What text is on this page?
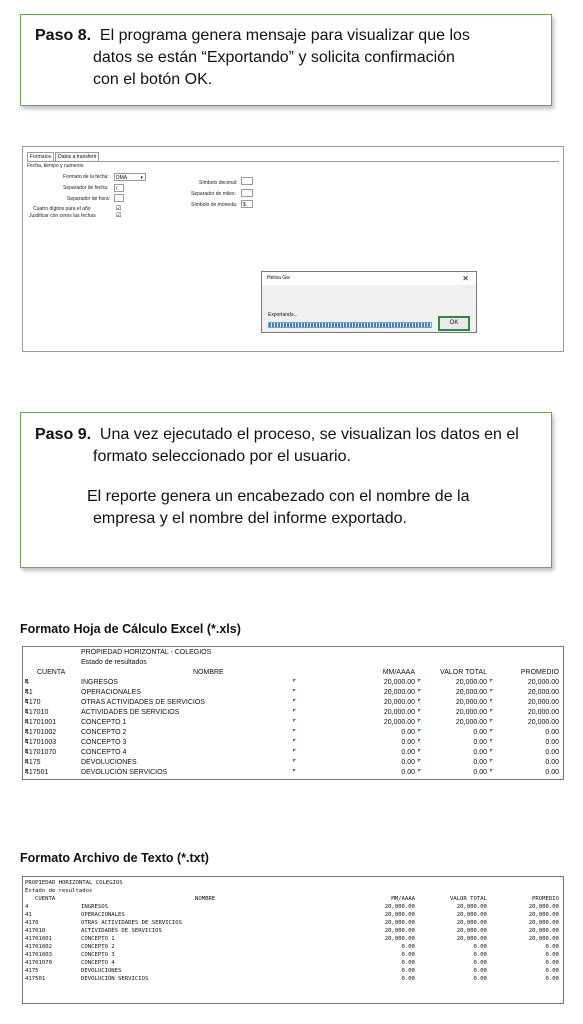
Paso 8. El programa genera mensaje para visualizar que los

datos se están “Exportando” y solicita confirmación

con el botón OK.

Formatos	Datos a transferir
Fecha, tiempo y numeros
Formato de la fecha:	DMA	▾
Separador de fecha:	/
Separador de hora:
Cuatro dígitos para el año	☑
Justificar con ceros las fechas	☑
Símbolo decimal:
Separador de miles:
Símbolo de moneda:	$
Helisa Gw	✕
Exportando...
OK

Paso 9. Una vez ejecutado el proceso, se visualizan los datos en el

formato seleccionado por el usuario.

El reporte genera un encabezado con el nombre de la

empresa y el nombre del informe exportado.

Formato Hoja de Cálculo Excel (*.xls)
PROPIEDAD HORIZONTAL - COLEGIOS
Estado de resultados
CUENTA	NOMBRE	MM/AAAA	VALOR TOTAL	PROMEDIO
4	INGRESOS	20,000.00	20,000.00	20,000.00
41	OPERACIONALES	20,000.00	20,000.00	20,000.00
4170	OTRAS ACTIVIDADES DE SERVICIOS	20,000.00	20,000.00	20,000.00
417010	ACTIVIDADES DE SERVICIOS	20,000.00	20,000.00	20,000.00
41701001	CONCEPTO 1	20,000.00	20,000.00	20,000.00
41701002	CONCEPTO 2	0.00	0.00	0.00
41701003	CONCEPTO 3	0.00	0.00	0.00
41701070	CONCEPTO 4	0.00	0.00	0.00
4175	DEVOLUCIONES	0.00	0.00	0.00
417501	DEVOLUCIÓN SERVICIOS	0.00	0.00	0.00
Formato Archivo de Texto (*.txt)
PROPIEDAD HORIZONTAL COLEGIOS
Estado de resultados
CUENTA	NOMBRE	MM/AAAA	VALOR TOTAL	PROMEDIO
4	INGRESOS	20,000.00	20,000.00	20,000.00
41	OPERACIONALES	20,000.00	20,000.00	20,000.00
4170	OTRAS ACTIVIDADES DE SERVICIOS	20,000.00	20,000.00	20,000.00
417010	ACTIVIDADES DE SERVICIOS	20,000.00	20,000.00	20,000.00
41701001	CONCEPTO 1	20,000.00	20,000.00	20,000.00
41701002	CONCEPTO 2	0.00	0.00	0.00
41701003	CONCEPTO 3	0.00	0.00	0.00
41701070	CONCEPTO 4	0.00	0.00	0.00
4175	DEVOLUCIONES	0.00	0.00	0.00
417501	DEVOLUCIÓN SERVICIOS	0.00	0.00	0.00
